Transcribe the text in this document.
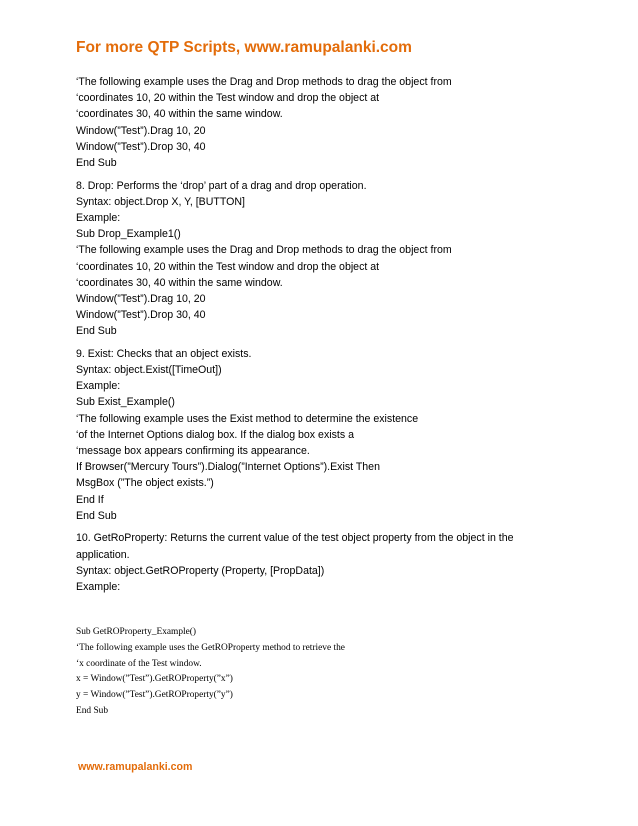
For more QTP Scripts, www.ramupalanki.com
‘The following example uses the Drag and Drop methods to drag the object from
‘coordinates 10, 20 within the Test window and drop the object at
‘coordinates 30, 40 within the same window.
Window(”Test”).Drag 10, 20
Window(”Test”).Drop 30, 40
End Sub
8. Drop: Performs the ‘drop’ part of a drag and drop operation.
Syntax: object.Drop X, Y, [BUTTON]
Example:
Sub Drop_Example1()
‘The following example uses the Drag and Drop methods to drag the object from
‘coordinates 10, 20 within the Test window and drop the object at
‘coordinates 30, 40 within the same window.
Window(”Test”).Drag 10, 20
Window(”Test”).Drop 30, 40
End Sub
9. Exist: Checks that an object exists.
Syntax: object.Exist([TimeOut])
Example:
Sub Exist_Example()
‘The following example uses the Exist method to determine the existence
‘of the Internet Options dialog box. If the dialog box exists a
‘message box appears confirming its appearance.
If Browser(”Mercury Tours”).Dialog(”Internet Options”).Exist Then
MsgBox (”The object exists.”)
End If
End Sub
10. GetRoProperty: Returns the current value of the test object property from the object in the application.
Syntax: object.GetROProperty (Property, [PropData])
Example:
Sub GetROProperty_Example()
‘The following example uses the GetROProperty method to retrieve the
‘x coordinate of the Test window.
x = Window(”Test”).GetROProperty(”x”)
y = Window(”Test”).GetROProperty(”y”)
End Sub
www.ramupalanki.com
